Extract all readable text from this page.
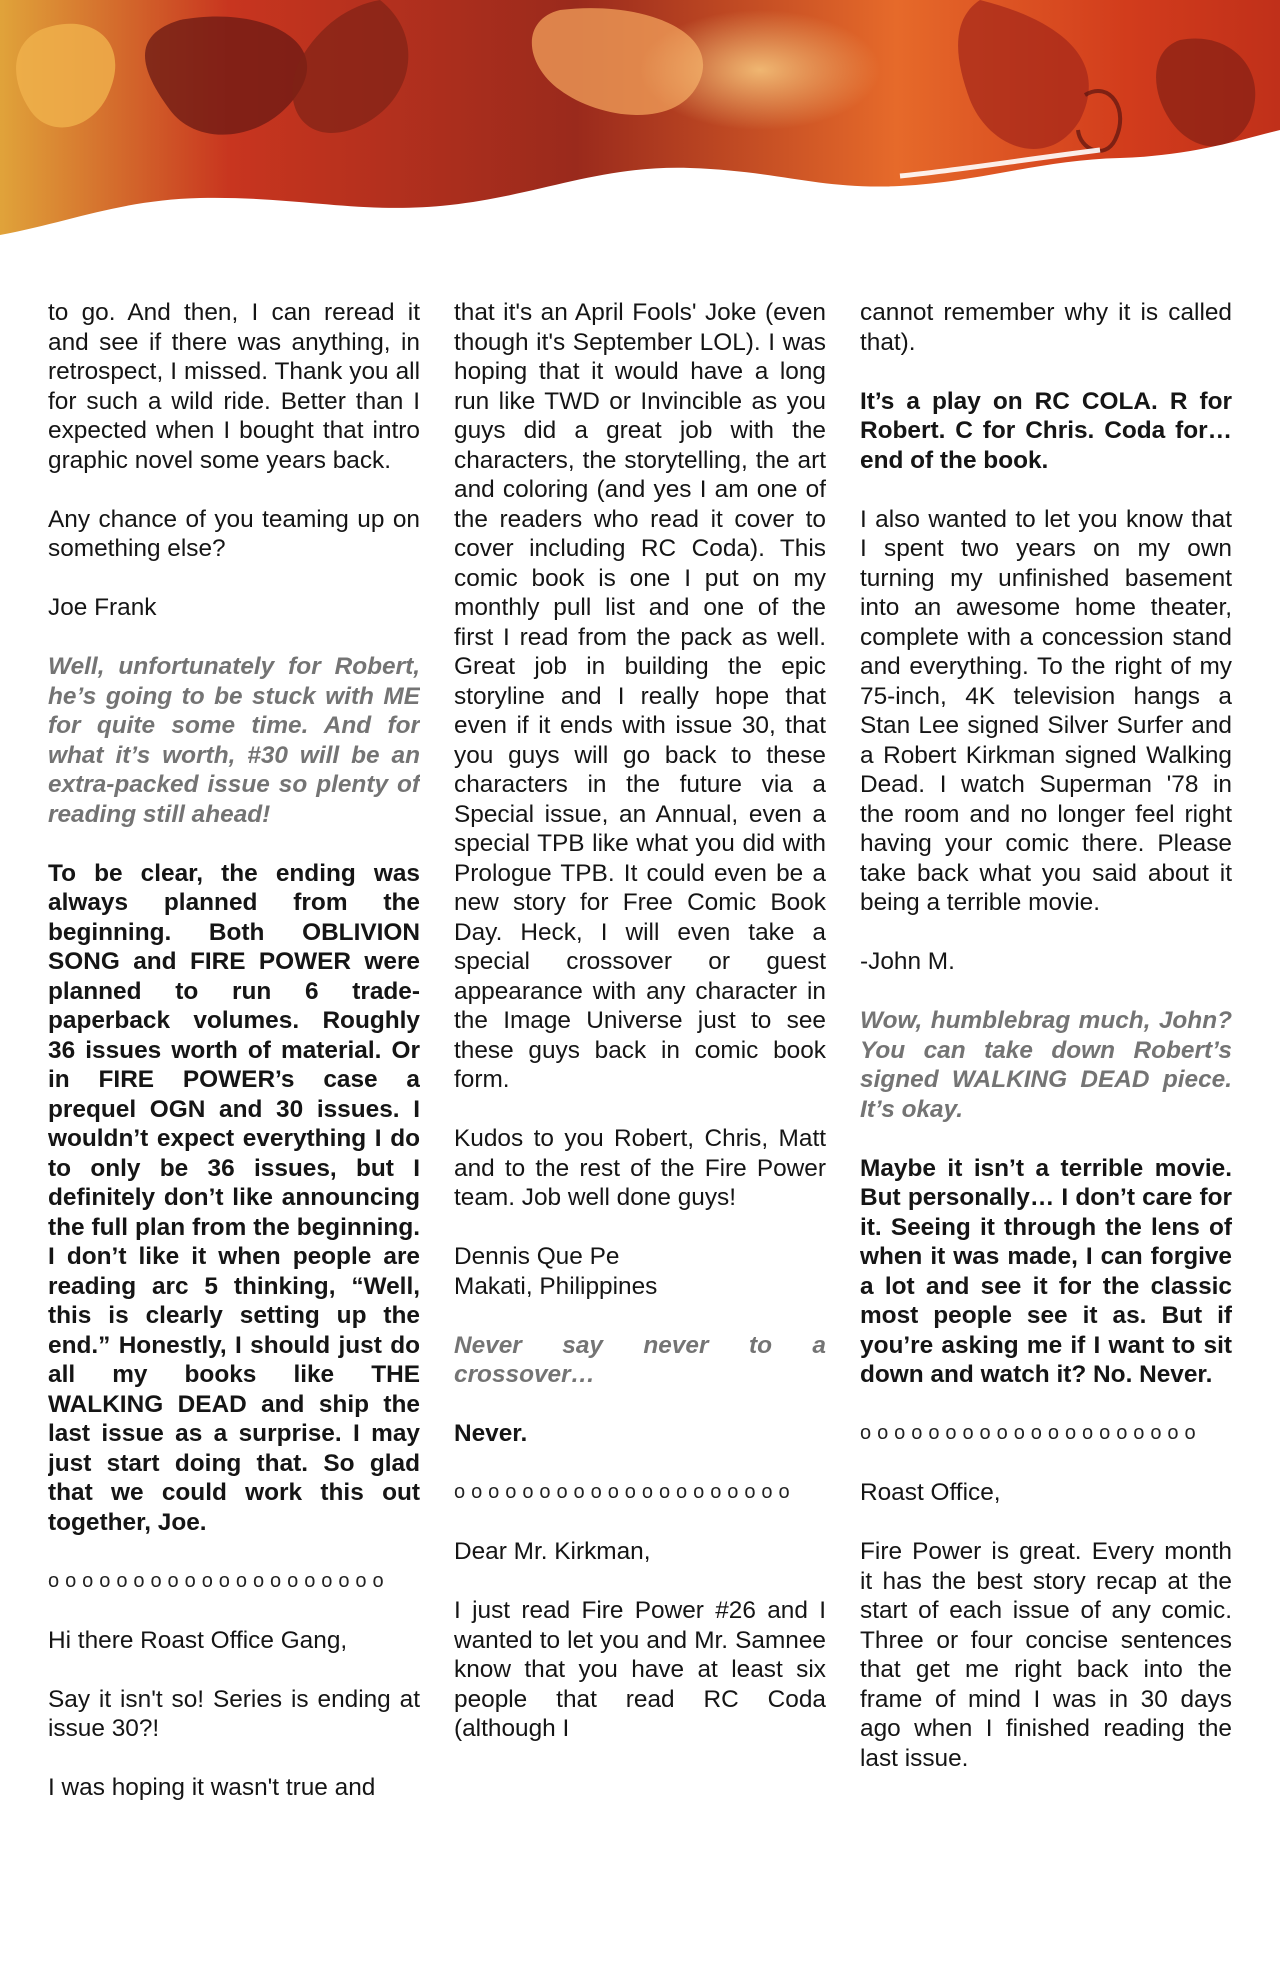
to go. And then, I can reread it and see if there was anything, in retrospect, I missed. Thank you all for such a wild ride. Better than I expected when I bought that intro graphic novel some years back.

Any chance of you teaming up on something else?

Joe Frank

Well, unfortunately for Robert, he’s going to be stuck with ME for quite some time. And for what it’s worth, #30 will be an extra-packed issue so plenty of reading still ahead!

To be clear, the ending was always planned from the beginning. Both OBLIVION SONG and FIRE POWER were planned to run 6 trade-paperback volumes. Roughly 36 issues worth of material. Or in FIRE POWER’s case a prequel OGN and 30 issues. I wouldn’t expect everything I do to only be 36 issues, but I definitely don’t like announcing the full plan from the beginning. I don’t like it when people are reading arc 5 thinking, “Well, this is clearly setting up the end.” Honestly, I should just do all my books like THE WALKING DEAD and ship the last issue as a surprise. I may just start doing that. So glad that we could work this out together, Joe.

o o o o o o o o o o o o o o o o o o o o

Hi there Roast Office Gang,

Say it isn't so! Series is ending at issue 30?!

I was hoping it wasn't true and

that it's an April Fools' Joke (even though it's September LOL). I was hoping that it would have a long run like TWD or Invincible as you guys did a great job with the characters, the storytelling, the art and coloring (and yes I am one of the readers who read it cover to cover including RC Coda). This comic book is one I put on my monthly pull list and one of the first I read from the pack as well. Great job in building the epic storyline and I really hope that even if it ends with issue 30, that you guys will go back to these characters in the future via a Special issue, an Annual, even a special TPB like what you did with Prologue TPB. It could even be a new story for Free Comic Book Day. Heck, I will even take a special crossover or guest appearance with any character in the Image Universe just to see these guys back in comic book form.

Kudos to you Robert, Chris, Matt and to the rest of the Fire Power team. Job well done guys!

Dennis Que Pe

Makati, Philippines

Never say never to a crossover…

Never.

o o o o o o o o o o o o o o o o o o o o

Dear Mr. Kirkman,

I just read Fire Power #26 and I wanted to let you and Mr. Samnee know that you have at least six people that read RC Coda (although I

cannot remember why it is called that).

It’s a play on RC COLA. R for Robert. C for Chris. Coda for… end of the book.

I also wanted to let you know that I spent two years on my own turning my unfinished basement into an awesome home theater, complete with a concession stand and everything. To the right of my 75-inch, 4K television hangs a Stan Lee signed Silver Surfer and a Robert Kirkman signed Walking Dead. I watch Superman '78 in the room and no longer feel right having your comic there. Please take back what you said about it being a terrible movie.

-John M.

Wow, humblebrag much, John? You can take down Robert’s signed WALKING DEAD piece. It’s okay.

Maybe it isn’t a terrible movie. But personally… I don’t care for it. Seeing it through the lens of when it was made, I can forgive a lot and see it for the classic most people see it as. But if you’re asking me if I want to sit down and watch it? No. Never.

o o o o o o o o o o o o o o o o o o o o

Roast Office,

Fire Power is great. Every month it has the best story recap at the start of each issue of any comic. Three or four concise sentences that get me right back into the frame of mind I was in 30 days ago when I finished reading the last issue.
